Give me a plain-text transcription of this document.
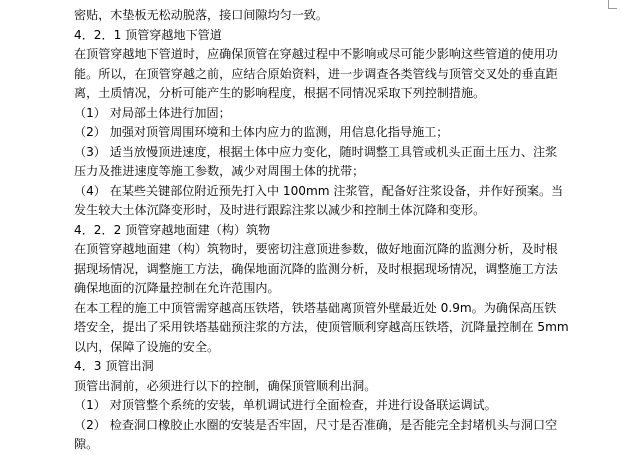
密贴，木垫板无松动脱落，接口间隙均匀一致。
4．2．1 顶管穿越地下管道
在顶管穿越地下管道时，应确保顶管在穿越过程中不影响或尽可能少影响这些管道的使用功
能。所以，在顶管穿越之前，应结合原始资料，进一步调查各类管线与顶管交叉处的垂直距
离，土质情况，分析可能产生的影响程度，根据不同情况采取下列控制措施。
（1） 对局部土体进行加固；
（2） 加强对顶管周围环境和土体内应力的监测，用信息化指导施工；
（3） 适当放慢顶进速度，根据土体中应力变化，随时调整工具管或机头正面土压力、注浆
压力及推进速度等施工参数，减少对周围土体的扰带；
（4） 在某些关键部位附近预先打入中 100mm 注浆管，配备好注浆设备，并作好预案。当
发生较大土体沉降变形时，及时进行跟踪注浆以减少和控制土体沉降和变形。
4．2．2 顶管穿越地面建（构）筑物
在顶管穿越地面建（构）筑物时，要密切注意顶进参数，做好地面沉降的监测分析，及时根
据现场情况，调整施工方法，确保地面沉降的监测分析，及时根据现场情况，调整施工方法
确保地面的沉降量控制在允许范围内。
在本工程的施工中顶管需穿越高压铁塔，铁塔基础离顶管外壁最近处 0.9m。为确保高压铁
塔安全，提出了采用铁塔基础预注浆的方法，使顶管顺利穿越高压铁塔，沉降量控制在 5mm
以内，保障了设施的安全。
4．3 顶管出洞
顶管出洞前，必须进行以下的控制，确保顶管顺利出洞。
（1） 对顶管整个系统的安装，单机调试进行全面检查，并进行设备联运调试。
（2） 检查洞口橡胶止水圈的安装是否牢固，尺寸是否准确，是否能完全封堵机头与洞口空
隙。
